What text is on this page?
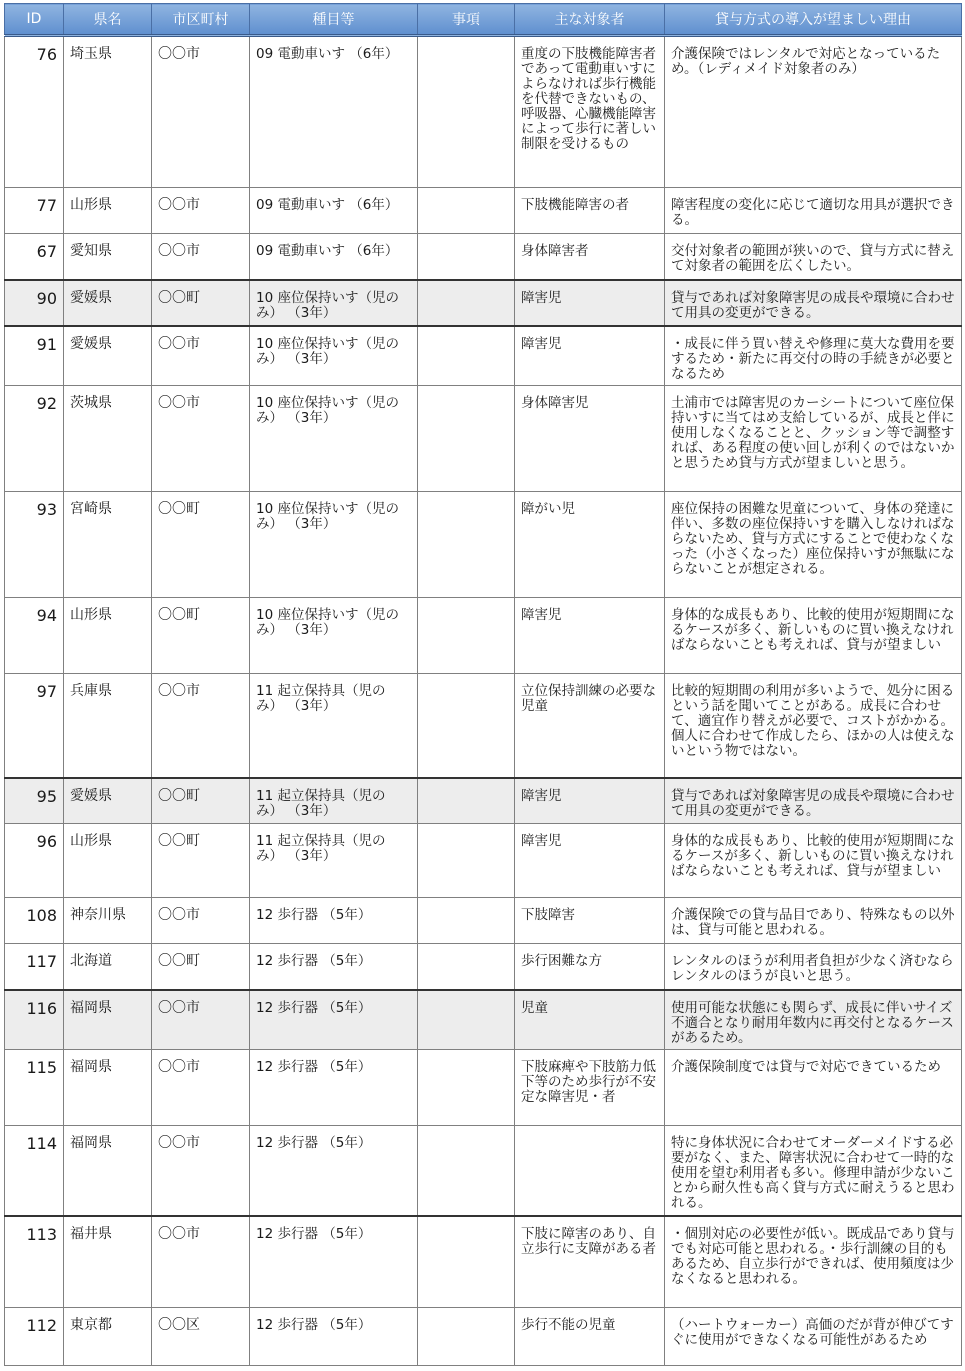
ID	県名	市区町村	種目等	事項	主な対象者	貸与方式の導入が望ましい理由
76	埼玉県	〇〇市	09 電動車いす （6年）		重度の下肢機能障害者であって電動車いすによらなければ歩行機能を代替できないもの、呼吸器、心臓機能障害によって歩行に著しい制限を受けるもの	介護保険ではレンタルで対応となっているため。（レディメイド対象者のみ）
77	山形県	〇〇市	09 電動車いす （6年）		下肢機能障害の者	障害程度の変化に応じて適切な用具が選択できる。
67	愛知県	〇〇市	09 電動車いす （6年）		身体障害者	交付対象者の範囲が狭いので、貸与方式に替えて対象者の範囲を広くしたい。
90	愛媛県	〇〇町	10 座位保持いす（児のみ） （3年）		障害児	貸与であれば対象障害児の成長や環境に合わせて用具の変更ができる。
91	愛媛県	〇〇市	10 座位保持いす（児のみ） （3年）		障害児	・成長に伴う買い替えや修理に莫大な費用を要するため・新たに再交付の時の手続きが必要となるため
92	茨城県	〇〇市	10 座位保持いす（児のみ） （3年）		身体障害児	土浦市では障害児のカーシートについて座位保持いすに当てはめ支給しているが、成長と伴に使用しなくなることと、クッション等で調整すれば、ある程度の使い回しが利くのではないかと思うため貸与方式が望ましいと思う。
93	宮崎県	〇〇町	10 座位保持いす（児のみ） （3年）		障がい児	座位保持の困難な児童について、身体の発達に伴い、多数の座位保持いすを購入しなければならないため、貸与方式にすることで使わなくなった（小さくなった）座位保持いすが無駄にならないことが想定される。
94	山形県	〇〇町	10 座位保持いす（児のみ） （3年）		障害児	身体的な成長もあり、比較的使用が短期間になるケースが多く、新しいものに買い換えなければならないことも考えれば、貸与が望ましい
97	兵庫県	〇〇市	11 起立保持具（児のみ） （3年）		立位保持訓練の必要な児童	比較的短期間の利用が多いようで、処分に困るという話を聞いてことがある。成長に合わせて、適宜作り替えが必要で、コストがかかる。個人に合わせて作成したら、ほかの人は使えないという物ではない。
95	愛媛県	〇〇町	11 起立保持具（児のみ） （3年）		障害児	貸与であれば対象障害児の成長や環境に合わせて用具の変更ができる。
96	山形県	〇〇町	11 起立保持具（児のみ） （3年）		障害児	身体的な成長もあり、比較的使用が短期間になるケースが多く、新しいものに買い換えなければならないことも考えれば、貸与が望ましい
108	神奈川県	〇〇市	12 歩行器 （5年）		下肢障害	介護保険での貸与品目であり、特殊なもの以外は、貸与可能と思われる。
117	北海道	〇〇町	12 歩行器 （5年）		歩行困難な方	レンタルのほうが利用者負担が少なく済むならレンタルのほうが良いと思う。
116	福岡県	〇〇市	12 歩行器 （5年）		児童	使用可能な状態にも関らず、成長に伴いサイズ不適合となり耐用年数内に再交付となるケースがあるため。
115	福岡県	〇〇市	12 歩行器 （5年）		下肢麻痺や下肢筋力低下等のため歩行が不安定な障害児・者	介護保険制度では貸与で対応できているため
114	福岡県	〇〇市	12 歩行器 （5年）			特に身体状況に合わせてオーダーメイドする必要がなく、また、障害状況に合わせて一時的な使用を望む利用者も多い。修理申請が少ないことから耐久性も高く貸与方式に耐えうると思われる。
113	福井県	〇〇市	12 歩行器 （5年）		下肢に障害のあり、自立歩行に支障がある者	・個別対応の必要性が低い。既成品であり貸与でも対応可能と思われる。・歩行訓練の目的もあるため、自立歩行ができれば、使用頻度は少なくなると思われる。
112	東京都	〇〇区	12 歩行器 （5年）		歩行不能の児童	（ハートウォーカー）高価のだが背が伸びてすぐに使用ができなくなる可能性があるため
